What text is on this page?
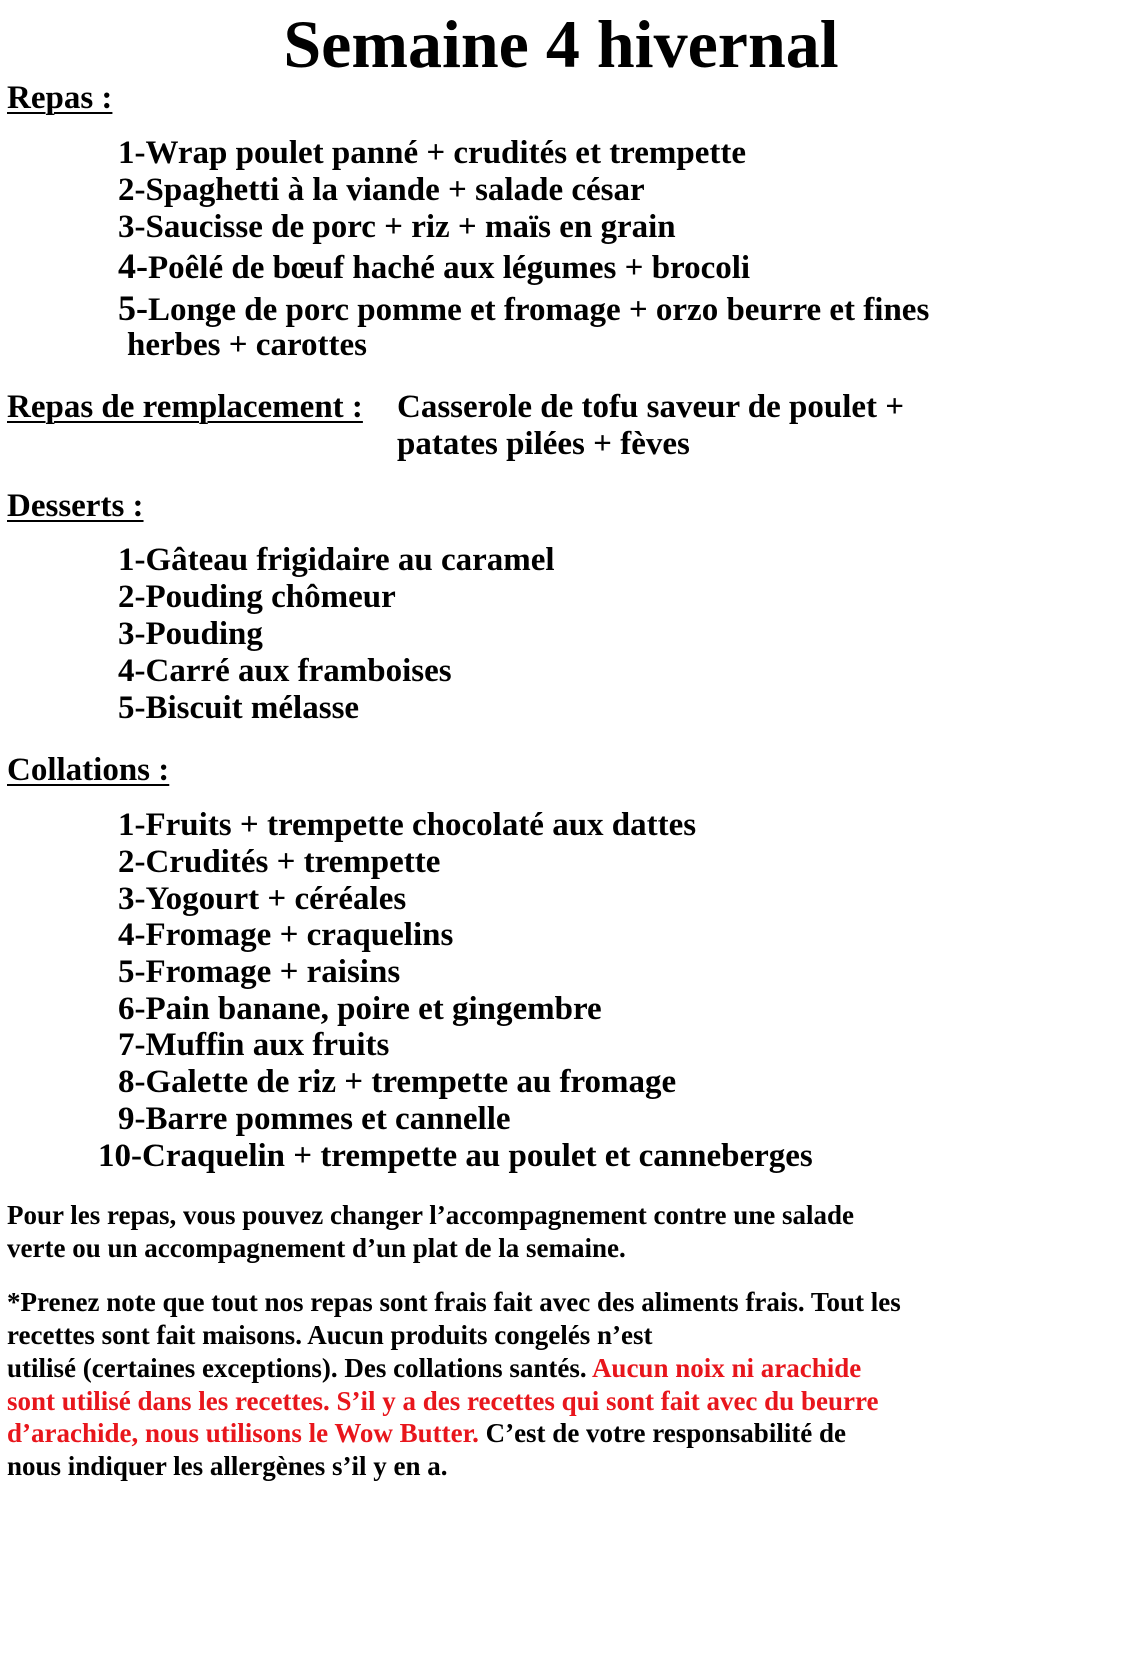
Semaine 4 hivernal
Repas :
1-Wrap poulet panné + crudités et trempette
2-Spaghetti à la viande + salade césar
3-Saucisse de porc + riz + maïs en grain
4-Poêlé de bœuf haché aux légumes + brocoli
5-Longe de porc pomme et fromage + orzo beurre et fines
herbes + carottes
Repas de remplacement : Casserole de tofu saveur de poulet +
patates pilées + fèves
Desserts :
1-Gâteau frigidaire au caramel
2-Pouding chômeur
3-Pouding
4-Carré aux framboises
5-Biscuit mélasse
Collations :
1-Fruits + trempette chocolaté aux dattes
2-Crudités + trempette
3-Yogourt + céréales
4-Fromage + craquelins
5-Fromage + raisins
6-Pain banane, poire et gingembre
7-Muffin aux fruits
8-Galette de riz + trempette au fromage
9-Barre pommes et cannelle
10-Craquelin + trempette au poulet et canneberges
Pour les repas, vous pouvez changer l’accompagnement contre une salade
verte ou un accompagnement d’un plat de la semaine.
*Prenez note que tout nos repas sont frais fait avec des aliments frais. Tout les
recettes sont fait maisons. Aucun produits congelés n’est
utilisé (certaines exceptions). Des collations santés. Aucun noix ni arachide
sont utilisé dans les recettes. S’il y a des recettes qui sont fait avec du beurre
d’arachide, nous utilisons le Wow Butter. C’est de votre responsabilité de
nous indiquer les allergènes s’il y en a.
